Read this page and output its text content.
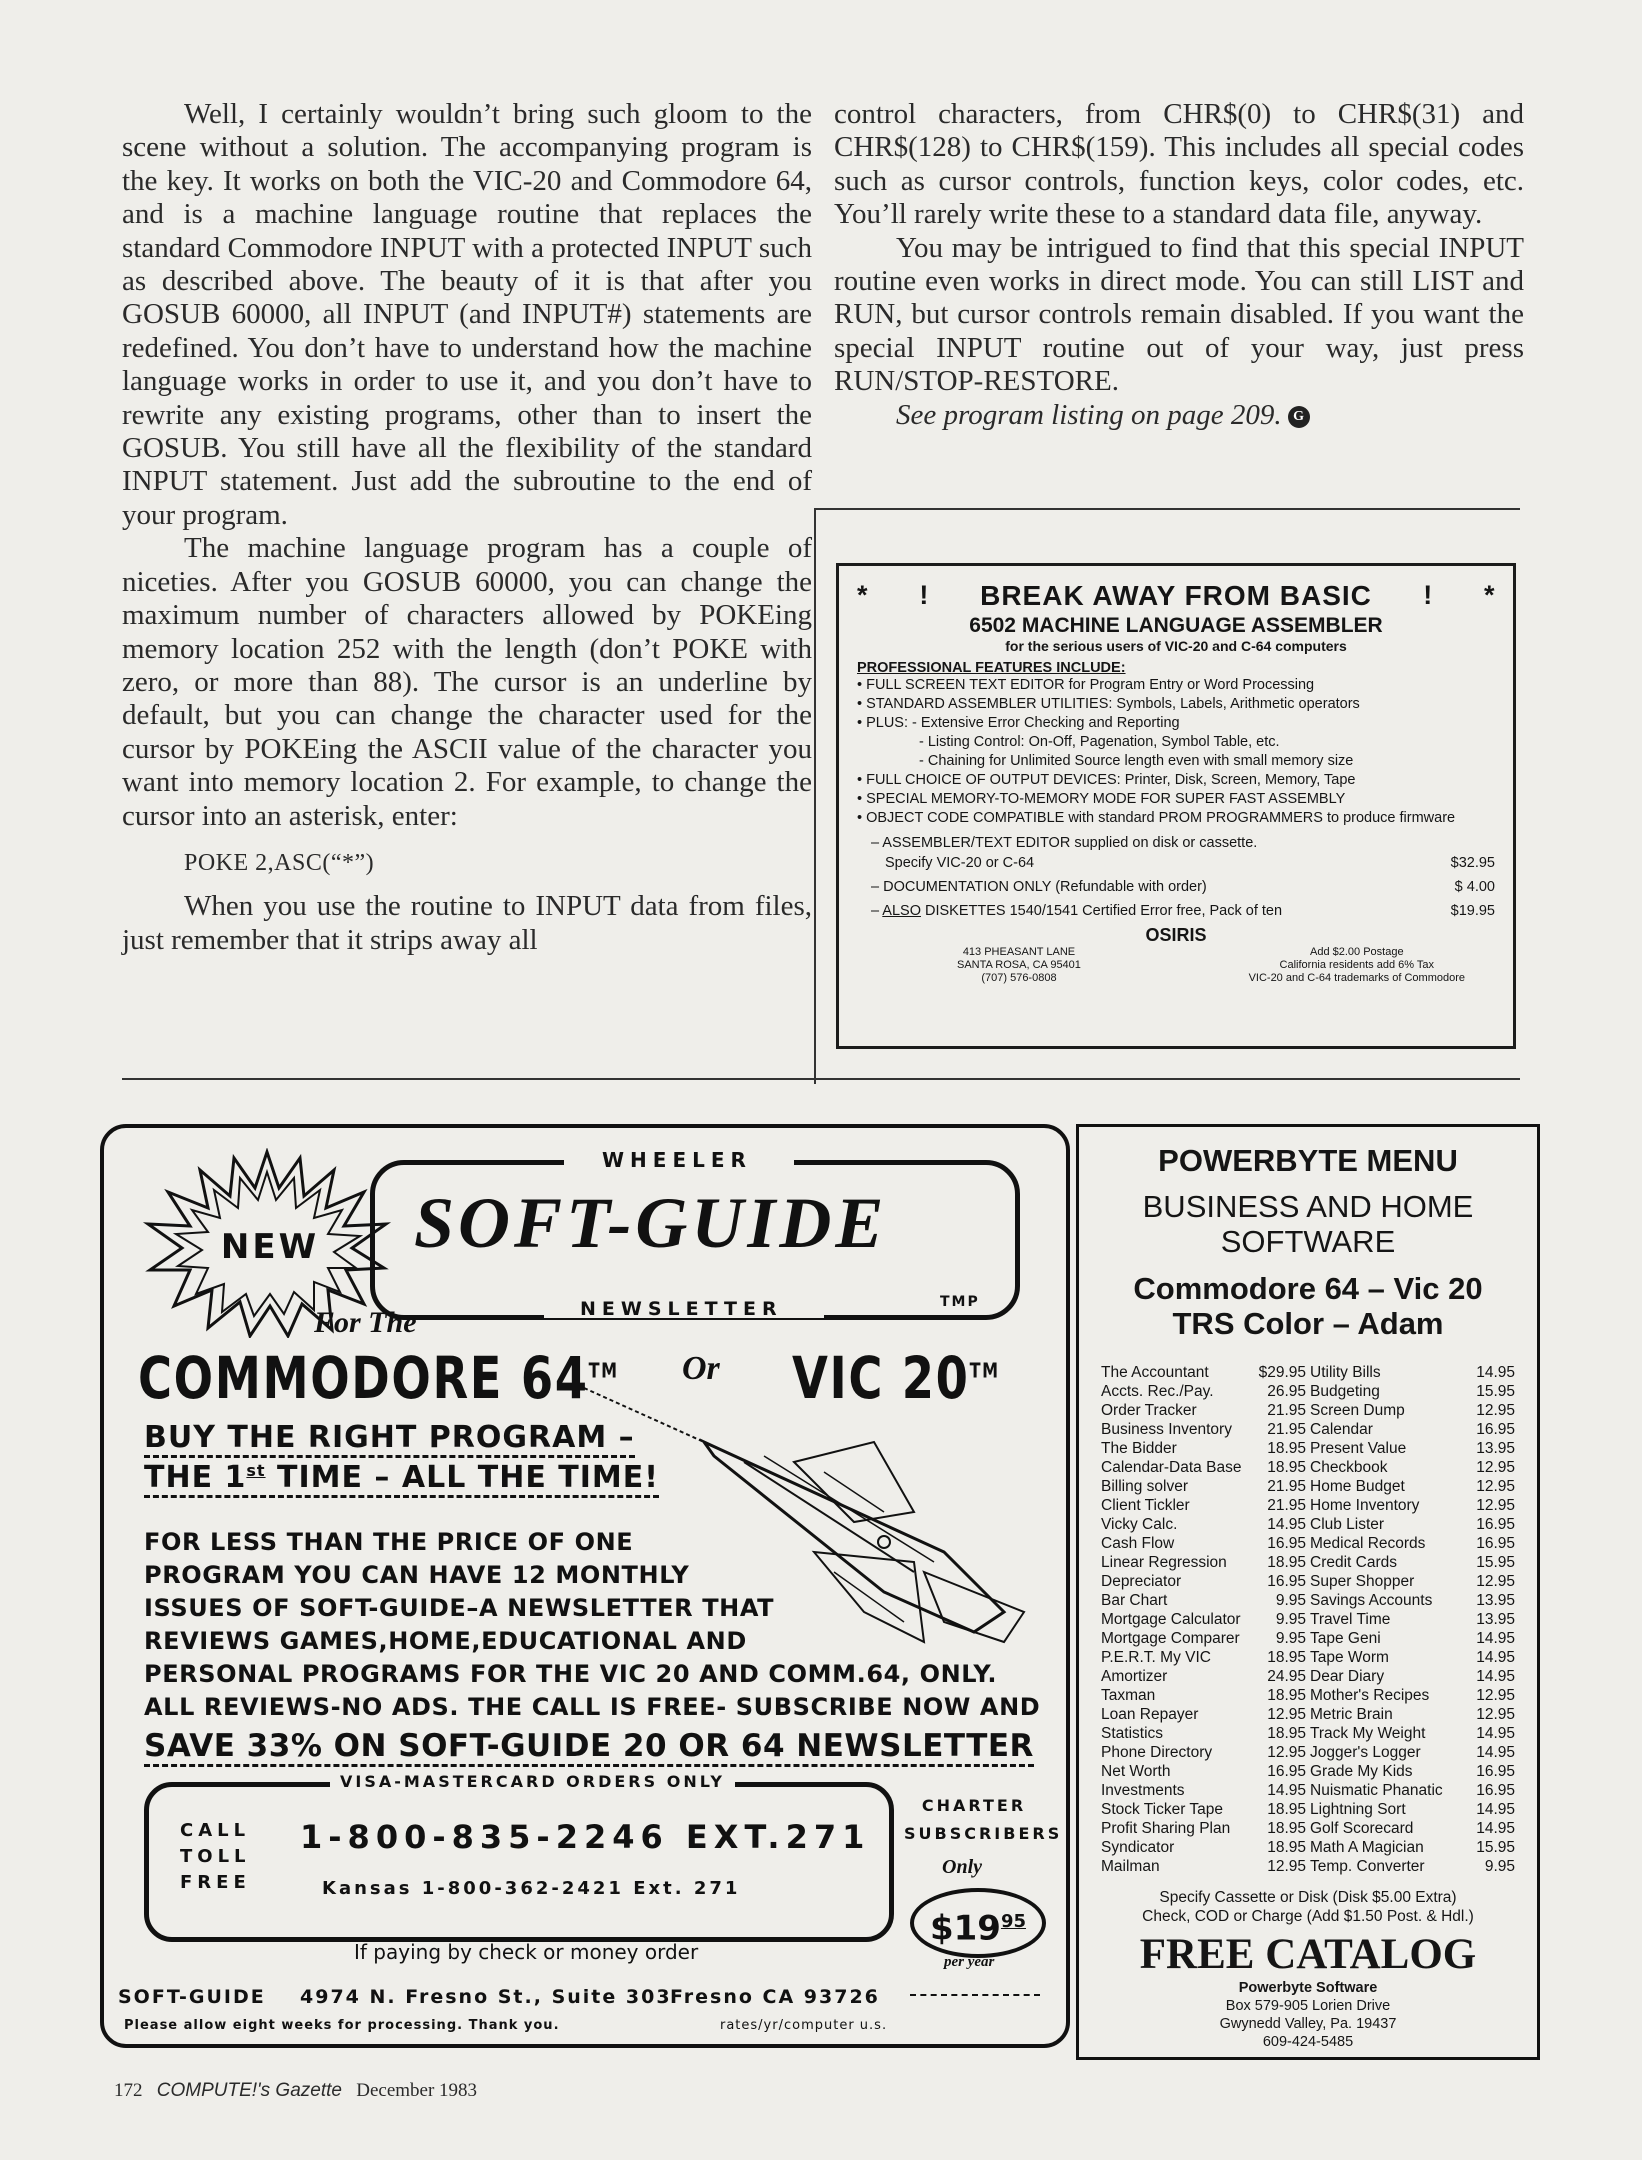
Well, I certainly wouldn’t bring such gloom to the scene without a solution. The accompanying program is the key. It works on both the VIC-20 and Commodore 64, and is a machine language routine that replaces the standard Commodore INPUT with a protected INPUT such as described above. The beauty of it is that after you GOSUB 60000, all INPUT (and INPUT#) statements are redefined. You don’t have to understand how the machine language works in order to use it, and you don’t have to rewrite any existing programs, other than to insert the GOSUB. You still have all the flexibility of the standard INPUT statement. Just add the subroutine to the end of your program.

The machine language program has a couple of niceties. After you GOSUB 60000, you can change the maximum number of characters allowed by POKEing memory location 252 with the length (don’t POKE with zero, or more than 88). The cursor is an underline by default, but you can change the character used for the cursor by POKEing the ASCII value of the character you want into memory location 2. For example, to change the cursor into an asterisk, enter:

POKE 2,ASC(“*”)

When you use the routine to INPUT data from files, just remember that it strips away all

control characters, from CHR$(0) to CHR$(31) and CHR$(128) to CHR$(159). This includes all special codes such as cursor controls, function keys, color codes, etc. You’ll rarely write these to a standard data file, anyway.

You may be intrigued to find that this special INPUT routine even works in direct mode. You can still LIST and RUN, but cursor controls remain disabled. If you want the special INPUT routine out of your way, just press RUN/STOP-RESTORE.

See program listing on page 209. G

* ! BREAK AWAY FROM BASIC ! *
6502 MACHINE LANGUAGE ASSEMBLER
for the serious users of VIC-20 and C-64 computers
PROFESSIONAL FEATURES INCLUDE:
• FULL SCREEN TEXT EDITOR for Program Entry or Word Processing
• STANDARD ASSEMBLER UTILITIES: Symbols, Labels, Arithmetic operators
• PLUS: - Extensive Error Checking and Reporting
- Listing Control: On-Off, Pagenation, Symbol Table, etc.
- Chaining for Unlimited Source length even with small memory size
• FULL CHOICE OF OUTPUT DEVICES: Printer, Disk, Screen, Memory, Tape
• SPECIAL MEMORY-TO-MEMORY MODE FOR SUPER FAST ASSEMBLY
• OBJECT CODE COMPATIBLE with standard PROM PROGRAMMERS to produce firmware
– ASSEMBLER/TEXT EDITOR supplied on disk or cassette.
Specify VIC-20 or C-64	$32.95
– DOCUMENTATION ONLY (Refundable with order)	$ 4.00
– ALSO DISKETTES 1540/1541 Certified Error free, Pack of ten	$19.95
OSIRIS
413 PHEASANT LANE
SANTA ROSA, CA 95401
(707) 576-0808
Add $2.00 Postage
California residents add 6% Tax
VIC-20 and C-64 trademarks of Commodore
NEW
WHEELER
SOFT-GUIDE
NEWSLETTER	TMP
For The
COMMODORE 64™ Or VIC 20™
BUY THE RIGHT PROGRAM –
THE 1st TIME – ALL THE TIME!
FOR LESS THAN THE PRICE OF ONE
PROGRAM YOU CAN HAVE 12 MONTHLY
ISSUES OF SOFT-GUIDE–A NEWSLETTER THAT
REVIEWS GAMES,HOME,EDUCATIONAL AND
PERSONAL PROGRAMS FOR THE VIC 20 AND COMM.64, ONLY.
ALL REVIEWS-NO ADS. THE CALL IS FREE- SUBSCRIBE NOW AND
SAVE 33% ON SOFT-GUIDE 20 OR 64 NEWSLETTER
VISA-MASTERCARD ORDERS ONLY
CALL
TOLL
FREE
1-800-835-2246 EXT.271
Kansas 1-800-362-2421 Ext. 271
CHARTER
SUBSCRIBERS
Only
$\$19^{95}$
per year
If paying by check or money order
SOFT-GUIDE 4974 N. Fresno St., Suite 303
Fresno CA 93726
Please allow eight weeks for processing. Thank you.	rates/yr/computer u.s.
POWERBYTE MENU
BUSINESS AND HOME
SOFTWARE
Commodore 64 – Vic 20
TRS Color – Adam
The Accountant	$29.95
Accts. Rec./Pay.	26.95
Order Tracker	21.95
Business Inventory 21.95
The Bidder	18.95
Calendar-Data Base 18.95
Billing solver	21.95
Client Tickler	21.95
Vicky Calc.	14.95
Cash Flow	16.95
Linear Regression	18.95
Depreciator	16.95
Bar Chart	9.95
Mortgage Calculator 9.95
Mortgage Comparer 9.95
P.E.R.T. My VIC	18.95
Amortizer	24.95
Taxman	18.95
Loan Repayer	12.95
Statistics	18.95
Phone Directory	12.95
Net Worth	16.95
Investments	14.95
Stock Ticker Tape	18.95
Profit Sharing Plan 18.95
Syndicator	18.95
Mailman	12.95
Utility Bills	14.95
Budgeting	15.95
Screen Dump	12.95
Calendar	16.95
Present Value	13.95
Checkbook	12.95
Home Budget	12.95
Home Inventory	12.95
Club Lister	16.95
Medical Records	16.95
Credit Cards	15.95
Super Shopper	12.95
Savings Accounts	13.95
Travel Time	13.95
Tape Geni	14.95
Tape Worm	14.95
Dear Diary	14.95
Mother's Recipes	12.95
Metric Brain	12.95
Track My Weight	14.95
Jogger's Logger	14.95
Grade My Kids	16.95
Nuismatic Phanatic 16.95
Lightning Sort	14.95
Golf Scorecard	14.95
Math A Magician	15.95
Temp. Converter	9.95
Specify Cassette or Disk (Disk $5.00 Extra)
Check, COD or Charge (Add $1.50 Post. & Hdl.)
FREE CATALOG
Powerbyte Software
Box 579-905 Lorien Drive
Gwynedd Valley, Pa. 19437
609-424-5485
172 COMPUTE!'s Gazette December 1983
